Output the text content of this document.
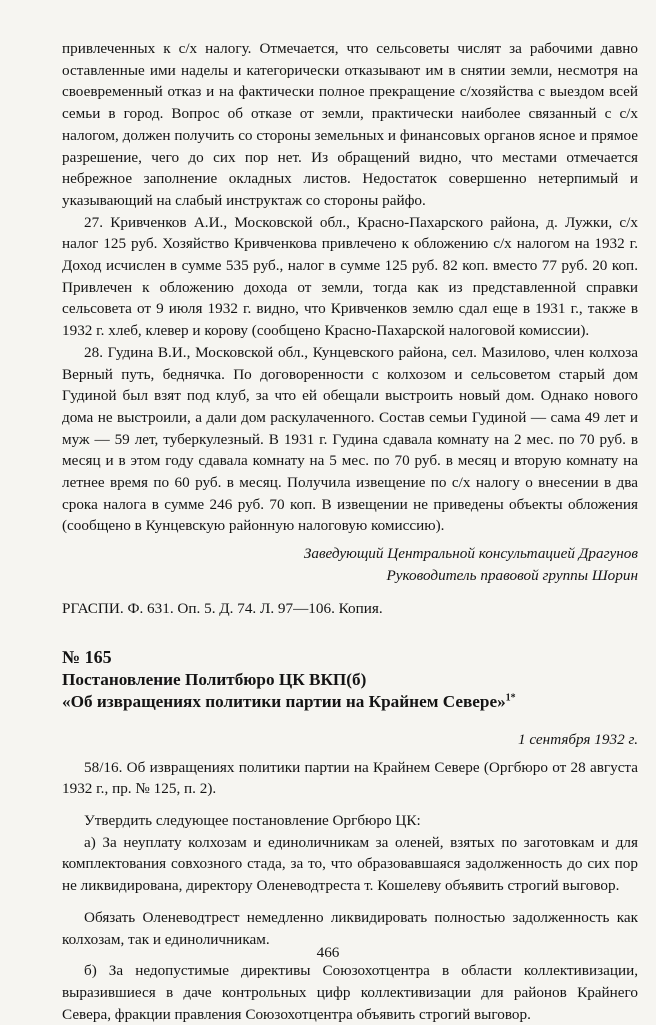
привлеченных к с/х налогу. Отмечается, что сельсоветы числят за рабочими давно оставленные ими наделы и категорически отказывают им в снятии земли, несмотря на своевременный отказ и на фактически полное прекращение с/хозяйства с выездом всей семьи в город. Вопрос об отказе от земли, практически наиболее связанный с с/х налогом, должен получить со стороны земельных и финансовых органов ясное и прямое разрешение, чего до сих пор нет. Из обращений видно, что местами отмечается небрежное заполнение окладных листов. Недостаток совершенно нетерпимый и указывающий на слабый инструктаж со стороны райфо.

27. Кривченков А.И., Московской обл., Красно-Пахарского района, д. Лужки, с/х налог 125 руб. Хозяйство Кривченкова привлечено к обложению с/х налогом на 1932 г. Доход исчислен в сумме 535 руб., налог в сумме 125 руб. 82 коп. вместо 77 руб. 20 коп. Привлечен к обложению дохода от земли, тогда как из представленной справки сельсовета от 9 июля 1932 г. видно, что Кривченков землю сдал еще в 1931 г., также в 1932 г. хлеб, клевер и корову (сообщено Красно-Пахарской налоговой комиссии).

28. Гудина В.И., Московской обл., Кунцевского района, сел. Мазилово, член колхоза Верный путь, беднячка. По договоренности с колхозом и сельсоветом старый дом Гудиной был взят под клуб, за что ей обещали выстроить новый дом. Однако нового дома не выстроили, а дали дом раскулаченного. Состав семьи Гудиной — сама 49 лет и муж — 59 лет, туберкулезный. В 1931 г. Гудина сдавала комнату на 2 мес. по 70 руб. в месяц и в этом году сдавала комнату на 5 мес. по 70 руб. в месяц и вторую комнату на летнее время по 60 руб. в месяц. Получила извещение по с/х налогу о внесении в два срока налога в сумме 246 руб. 70 коп. В извещении не приведены объекты обложения (сообщено в Кунцевскую районную налоговую комиссию).

Заведующий Центральной консультацией Драгунов
Руководитель правовой группы Шорин

РГАСПИ. Ф. 631. Оп. 5. Д. 74. Л. 97—106. Копия.

№ 165
Постановление Политбюро ЦК ВКП(б)
«Об извращениях политики партии на Крайнем Севере»$^{1*}$
1 сентября 1932 г.

58/16. Об извращениях политики партии на Крайнем Севере (Оргбюро от 28 августа 1932 г., пр. № 125, п. 2).

Утвердить следующее постановление Оргбюро ЦК:

а) За неуплату колхозам и единоличникам за оленей, взятых по заготовкам и для комплектования совхозного стада, за то, что образовавшаяся задолженность до сих пор не ликвидирована, директору Оленеводтреста т. Кошелеву объявить строгий выговор.

Обязать Оленеводтрест немедленно ликвидировать полностью задолженность как колхозам, так и единоличникам.

б) За недопустимые директивы Союзохотцентра в области коллективизации, выразившиеся в даче контрольных цифр коллективизации для районов Крайнего Севера, фракции правления Союзохотцентра объявить строгий выговор.

466
